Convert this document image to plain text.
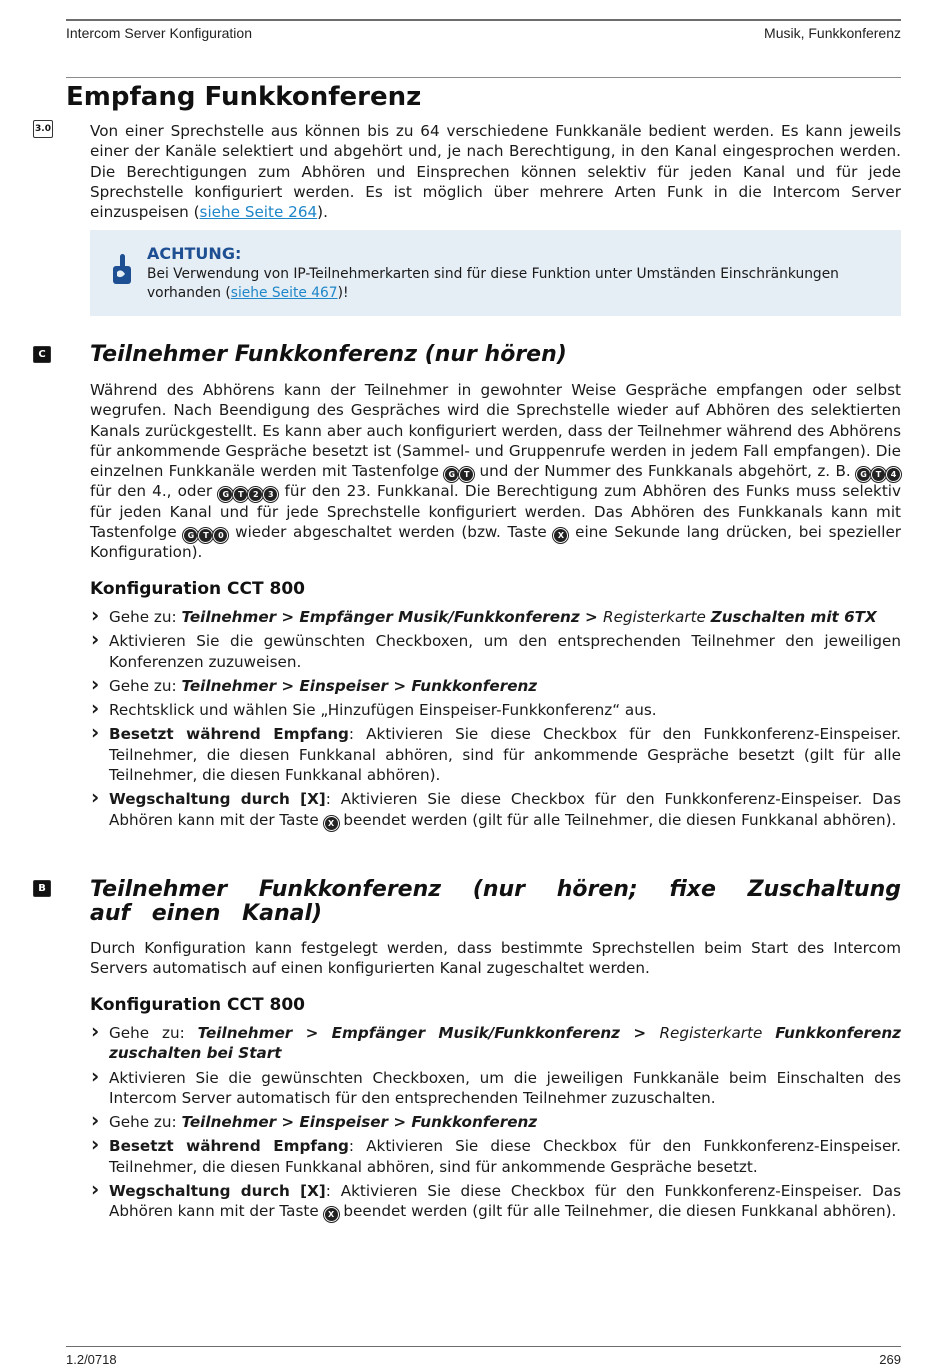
Intercom Server Konfiguration	Musik, Funkkonferenz
Empfang Funkkonferenz
3.0	Von einer Sprechstelle aus können bis zu 64 verschiedene Funkkanäle bedient werden. Es kann jeweils einer der Kanäle selektiert und abgehört und, je nach Berechtigung, in den Kanal eingesprochen werden. Die Berechtigungen zum Abhören und Einsprechen können selektiv für jeden Kanal und für jede Sprechstelle konfiguriert werden. Es ist möglich über mehrere Arten Funk in die Intercom Server einzuspeisen (siehe Seite 264).
ACHTUNG:
Bei Verwendung von IP-Teilnehmerkarten sind für diese Funktion unter Umständen Einschränkungen vorhanden (siehe Seite 467)!
C Teilnehmer Funkkonferenz (nur hören)
Während des Abhörens kann der Teilnehmer in gewohnter Weise Gespräche empfangen oder selbst wegrufen. Nach Beendigung des Gespräches wird die Sprechstelle wieder auf Abhören des selektierten Kanals zurückgestellt. Es kann aber auch konfiguriert werden, dass der Teilnehmer während des Abhörens für ankommende Gespräche besetzt ist (Sammel- und Gruppenrufe werden in jedem Fall empfangen). Die einzelnen Funkkanäle werden mit Tastenfolge G T und der Nummer des Funkkanals abgehört, z. B. G T 4 für den 4., oder G T 2 3 für den 23. Funkkanal. Die Berechtigung zum Abhören des Funks muss selektiv für jeden Kanal und für jede Sprechstelle konfiguriert werden. Das Abhören des Funkkanals kann mit Tastenfolge G T 0 wieder abgeschaltet werden (bzw. Taste X eine Sekunde lang drücken, bei spezieller Konfiguration).
Konfiguration CCT 800
› Gehe zu: Teilnehmer > Empfänger Musik/Funkkonferenz > Registerkarte Zuschalten mit 6TX
› Aktivieren Sie die gewünschten Checkboxen, um den entsprechenden Teilnehmer den jeweiligen Konferenzen zuzuweisen.
› Gehe zu: Teilnehmer > Einspeiser > Funkkonferenz
› Rechtsklick und wählen Sie „Hinzufügen Einspeiser-Funkkonferenz“ aus.
› Besetzt während Empfang: Aktivieren Sie diese Checkbox für den Funkkonferenz-Einspeiser. Teilnehmer, die diesen Funkkanal abhören, sind für ankommende Gespräche besetzt (gilt für alle Teilnehmer, die diesen Funkkanal abhören).
› Wegschaltung durch [X]: Aktivieren Sie diese Checkbox für den Funkkonferenz-Einspeiser. Das Abhören kann mit der Taste X beendet werden (gilt für alle Teilnehmer, die diesen Funkkanal abhören).
B Teilnehmer Funkkonferenz (nur hören; fixe Zuschaltung auf einen Kanal)
Durch Konfiguration kann festgelegt werden, dass bestimmte Sprechstellen beim Start des Intercom Servers automatisch auf einen konfigurierten Kanal zugeschaltet werden.
Konfiguration CCT 800
› Gehe zu: Teilnehmer > Empfänger Musik/Funkkonferenz > Registerkarte Funkkonferenz zuschalten bei Start
› Aktivieren Sie die gewünschten Checkboxen, um die jeweiligen Funkkanäle beim Einschalten des Intercom Server automatisch für den entsprechenden Teilnehmer zuzuschalten.
› Gehe zu: Teilnehmer > Einspeiser > Funkkonferenz
› Besetzt während Empfang: Aktivieren Sie diese Checkbox für den Funkkonferenz-Einspeiser. Teilnehmer, die diesen Funkkanal abhören, sind für ankommende Gespräche besetzt.
› Wegschaltung durch [X]: Aktivieren Sie diese Checkbox für den Funkkonferenz-Einspeiser. Das Abhören kann mit der Taste X beendet werden (gilt für alle Teilnehmer, die diesen Funkkanal abhören).
1.2/0718	269
